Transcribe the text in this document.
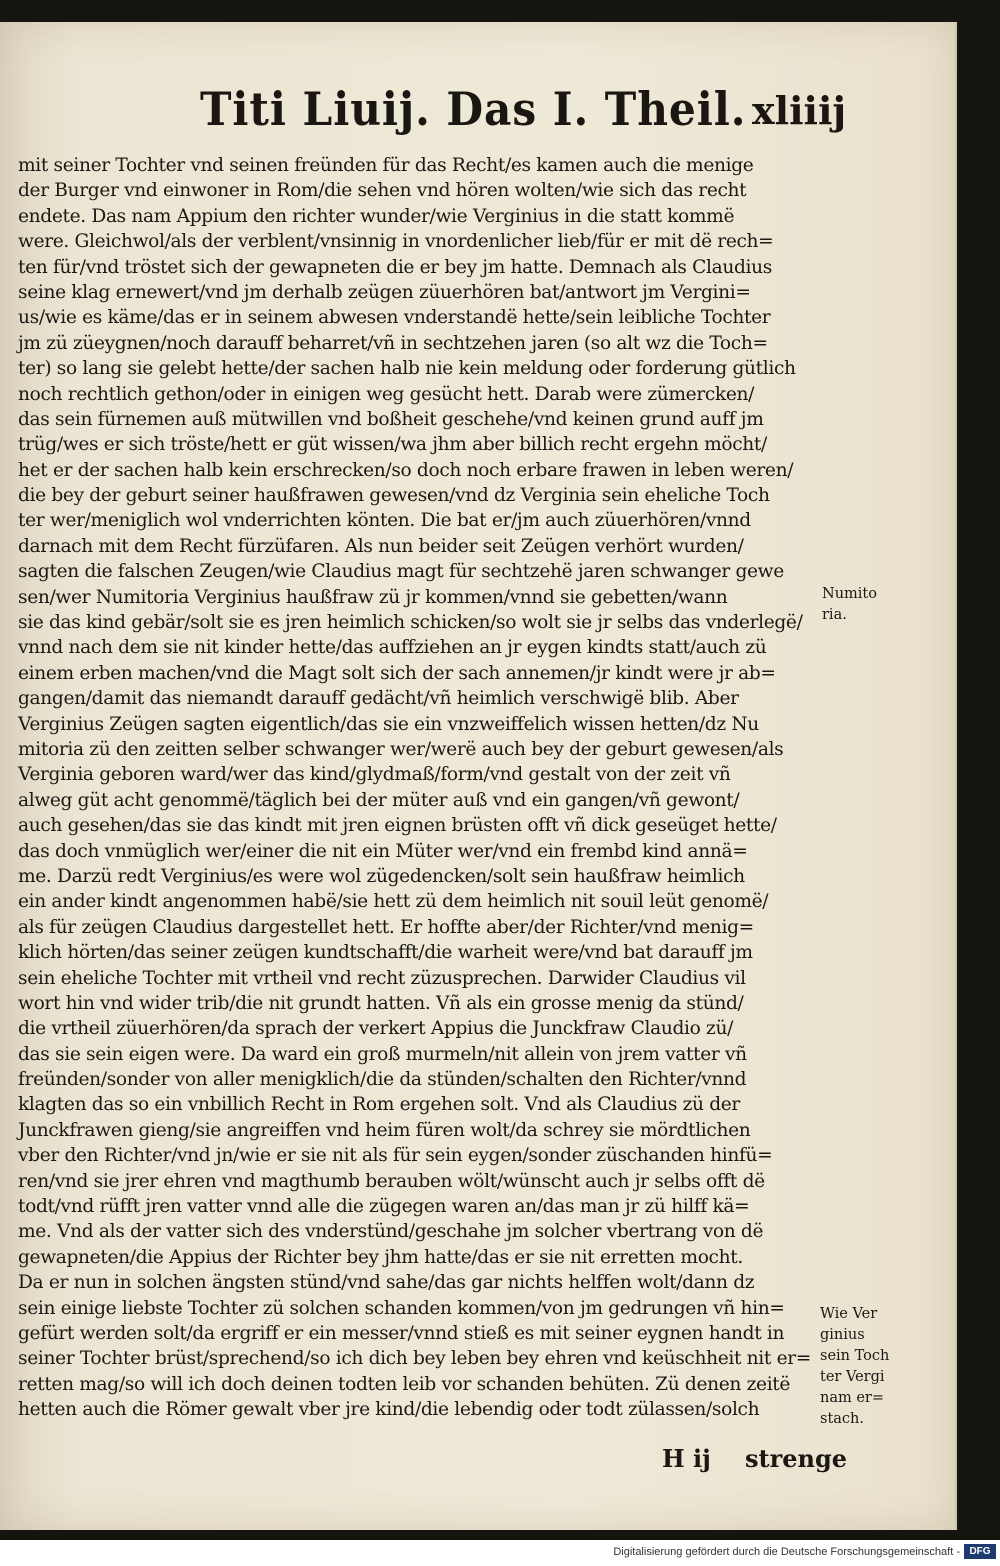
Titi Liuij. Das I. Theil. xliiij
mit seiner Tochter vnd seinen freünden für das Recht/es kamen auch die menige
der Burger vnd einwoner in Rom/die sehen vnd hören wolten/wie sich das recht
endete. Das nam Appium den richter wunder/wie Verginius in die statt kommë
were. Gleichwol/als der verblent/vnsinnig in vnordenlicher lieb/für er mit dë rech=
ten für/vnd tröstet sich der gewapneten die er bey jm hatte. Demnach als Claudius
seine klag ernewert/vnd jm derhalb zeügen züuerhören bat/antwort jm Vergini=
us/wie es käme/das er in seinem abwesen vnderstandë hette/sein leibliche Tochter
jm zü züeygnen/noch darauff beharret/vñ in sechtzehen jaren (so alt wz die Toch=
ter) so lang sie gelebt hette/der sachen halb nie kein meldung oder forderung gütlich
noch rechtlich gethon/oder in einigen weg gesücht hett. Darab were zümercken/
das sein fürnemen auß mütwillen vnd boßheit geschehe/vnd keinen grund auff jm
trüg/wes er sich tröste/hett er güt wissen/wa jhm aber billich recht ergehn möcht/
het er der sachen halb kein erschrecken/so doch noch erbare frawen in leben weren/
die bey der geburt seiner haußfrawen gewesen/vnd dz Verginia sein eheliche Toch
ter wer/meniglich wol vnderrichten könten. Die bat er/jm auch züuerhören/vnnd
darnach mit dem Recht fürzüfaren. Als nun beider seit Zeügen verhört wurden/
sagten die falschen Zeugen/wie Claudius magt für sechtzehë jaren schwanger gewe
sen/wer Numitoria Verginius haußfraw zü jr kommen/vnnd sie gebetten/wann
sie das kind gebär/solt sie es jren heimlich schicken/so wolt sie jr selbs das vnderlegë/
vnnd nach dem sie nit kinder hette/das auffziehen an jr eygen kindts statt/auch zü
einem erben machen/vnd die Magt solt sich der sach annemen/jr kindt were jr ab=
gangen/damit das niemandt darauff gedächt/vñ heimlich verschwigë blib. Aber
Verginius Zeügen sagten eigentlich/das sie ein vnzweiffelich wissen hetten/dz Nu
mitoria zü den zeitten selber schwanger wer/werë auch bey der geburt gewesen/als
Verginia geboren ward/wer das kind/glydmaß/form/vnd gestalt von der zeit vñ
alweg güt acht genommë/täglich bei der müter auß vnd ein gangen/vñ gewont/
auch gesehen/das sie das kindt mit jren eignen brüsten offt vñ dick geseüget hette/
das doch vnmüglich wer/einer die nit ein Müter wer/vnd ein frembd kind annä=
me. Darzü redt Verginius/es were wol zügedencken/solt sein haußfraw heimlich
ein ander kindt angenommen habë/sie hett zü dem heimlich nit souil leüt genomë/
als für zeügen Claudius dargestellet hett. Er hoffte aber/der Richter/vnd menig=
klich hörten/das seiner zeügen kundtschafft/die warheit were/vnd bat darauff jm
sein eheliche Tochter mit vrtheil vnd recht züzusprechen. Darwider Claudius vil
wort hin vnd wider trib/die nit grundt hatten. Vñ als ein grosse menig da stünd/
die vrtheil züuerhören/da sprach der verkert Appius die Junckfraw Claudio zü/
das sie sein eigen were. Da ward ein groß murmeln/nit allein von jrem vatter vñ
freünden/sonder von aller menigklich/die da stünden/schalten den Richter/vnnd
klagten das so ein vnbillich Recht in Rom ergehen solt. Vnd als Claudius zü der
Junckfrawen gieng/sie angreiffen vnd heim füren wolt/da schrey sie mördtlichen
vber den Richter/vnd jn/wie er sie nit als für sein eygen/sonder züschanden hinfü=
ren/vnd sie jrer ehren vnd magthumb berauben wölt/wünscht auch jr selbs offt dë
todt/vnd rüfft jren vatter vnnd alle die zügegen waren an/das man jr zü hilff kä=
me. Vnd als der vatter sich des vnderstünd/geschahe jm solcher vbertrang von dë
gewapneten/die Appius der Richter bey jhm hatte/das er sie nit erretten mocht.
Da er nun in solchen ängsten stünd/vnd sahe/das gar nichts helffen wolt/dann dz
sein einige liebste Tochter zü solchen schanden kommen/von jm gedrungen vñ hin=
gefürt werden solt/da ergriff er ein messer/vnnd stieß es mit seiner eygnen handt in
seiner Tochter brüst/sprechend/so ich dich bey leben bey ehren vnd keüschheit nit er=
retten mag/so will ich doch deinen todten leib vor schanden behüten. Zü denen zeitë
hetten auch die Römer gewalt vber jre kind/die lebendig oder todt zülassen/solch
Numito
ria.
Wie Ver
ginius
sein Toch
ter Vergi
nam er=
stach.
H ij strenge
Digitalisierung gefördert durch die Deutsche Forschungsgemeinschaft - DFG
